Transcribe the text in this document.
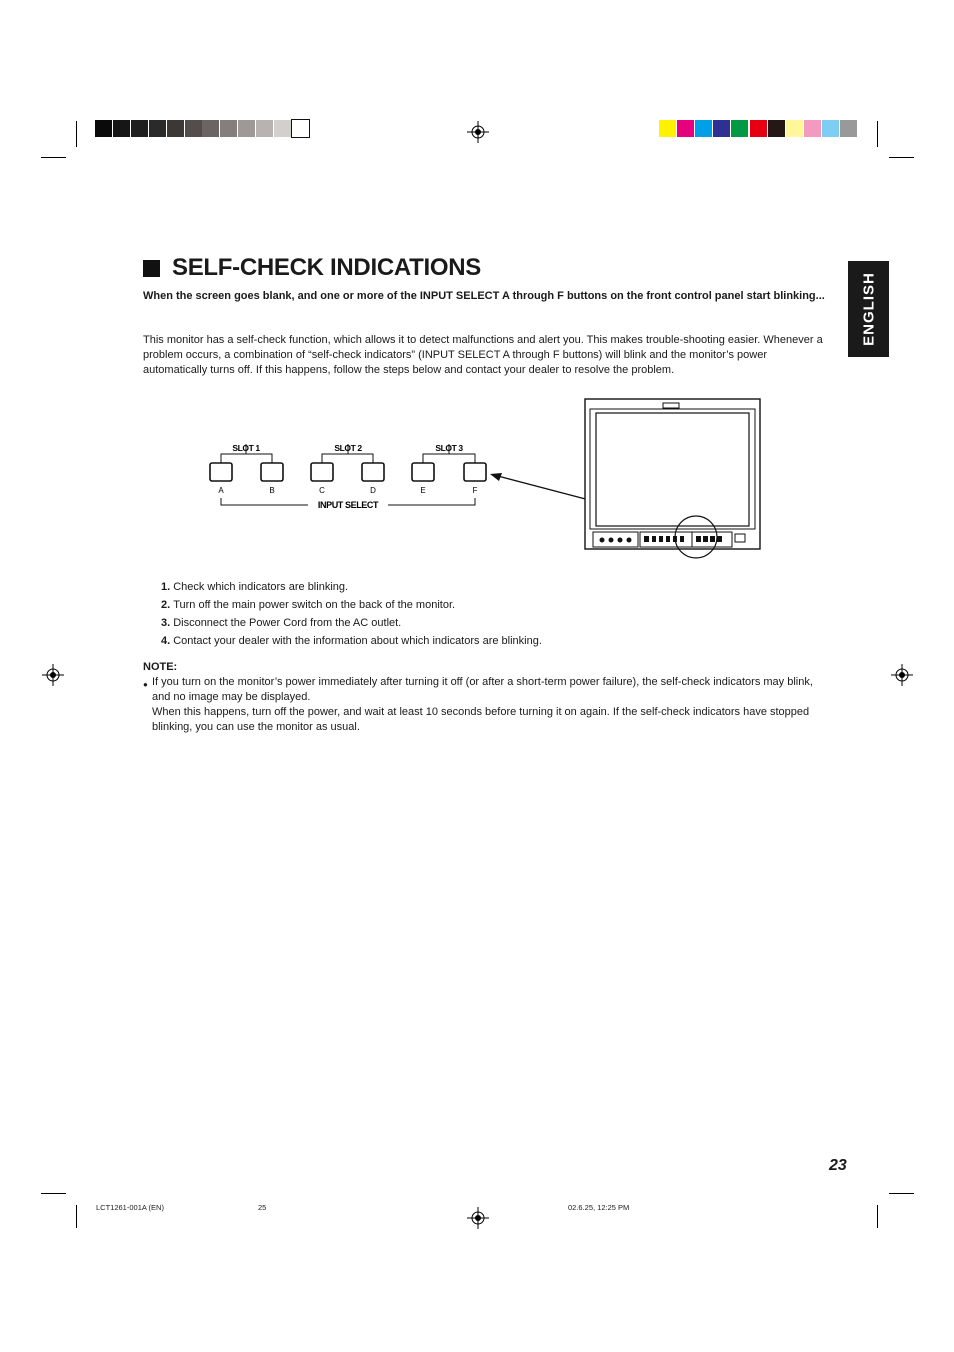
SELF-CHECK INDICATIONS
ENGLISH
When the screen goes blank, and one or more of the INPUT SELECT A through F buttons on the front control panel start blinking...
This monitor has a self-check function, which allows it to detect malfunctions and alert you. This makes trouble-shooting easier. Whenever a problem occurs, a combination of “self-check indicators” (INPUT SELECT A through F buttons) will blink and the monitor’s power automatically turns off. If this happens, follow the steps below and contact your dealer to resolve the problem.
SLOT 1	SLOT 2	SLOT 3
A	B	C	D	E	F
INPUT SELECT
1. Check which indicators are blinking.
2. Turn off the main power switch on the back of the monitor.
3. Disconnect the Power Cord from the AC outlet.
4. Contact your dealer with the information about which indicators are blinking.
NOTE:
● If you turn on the monitor’s power immediately after turning it off (or after a short-term power failure), the self-check indicators may blink, and no image may be displayed.
When this happens, turn off the power, and wait at least 10 seconds before turning it on again. If the self-check indicators have stopped blinking, you can use the monitor as usual.
23
LCT1261-001A (EN)	25	02.6.25, 12:25 PM
